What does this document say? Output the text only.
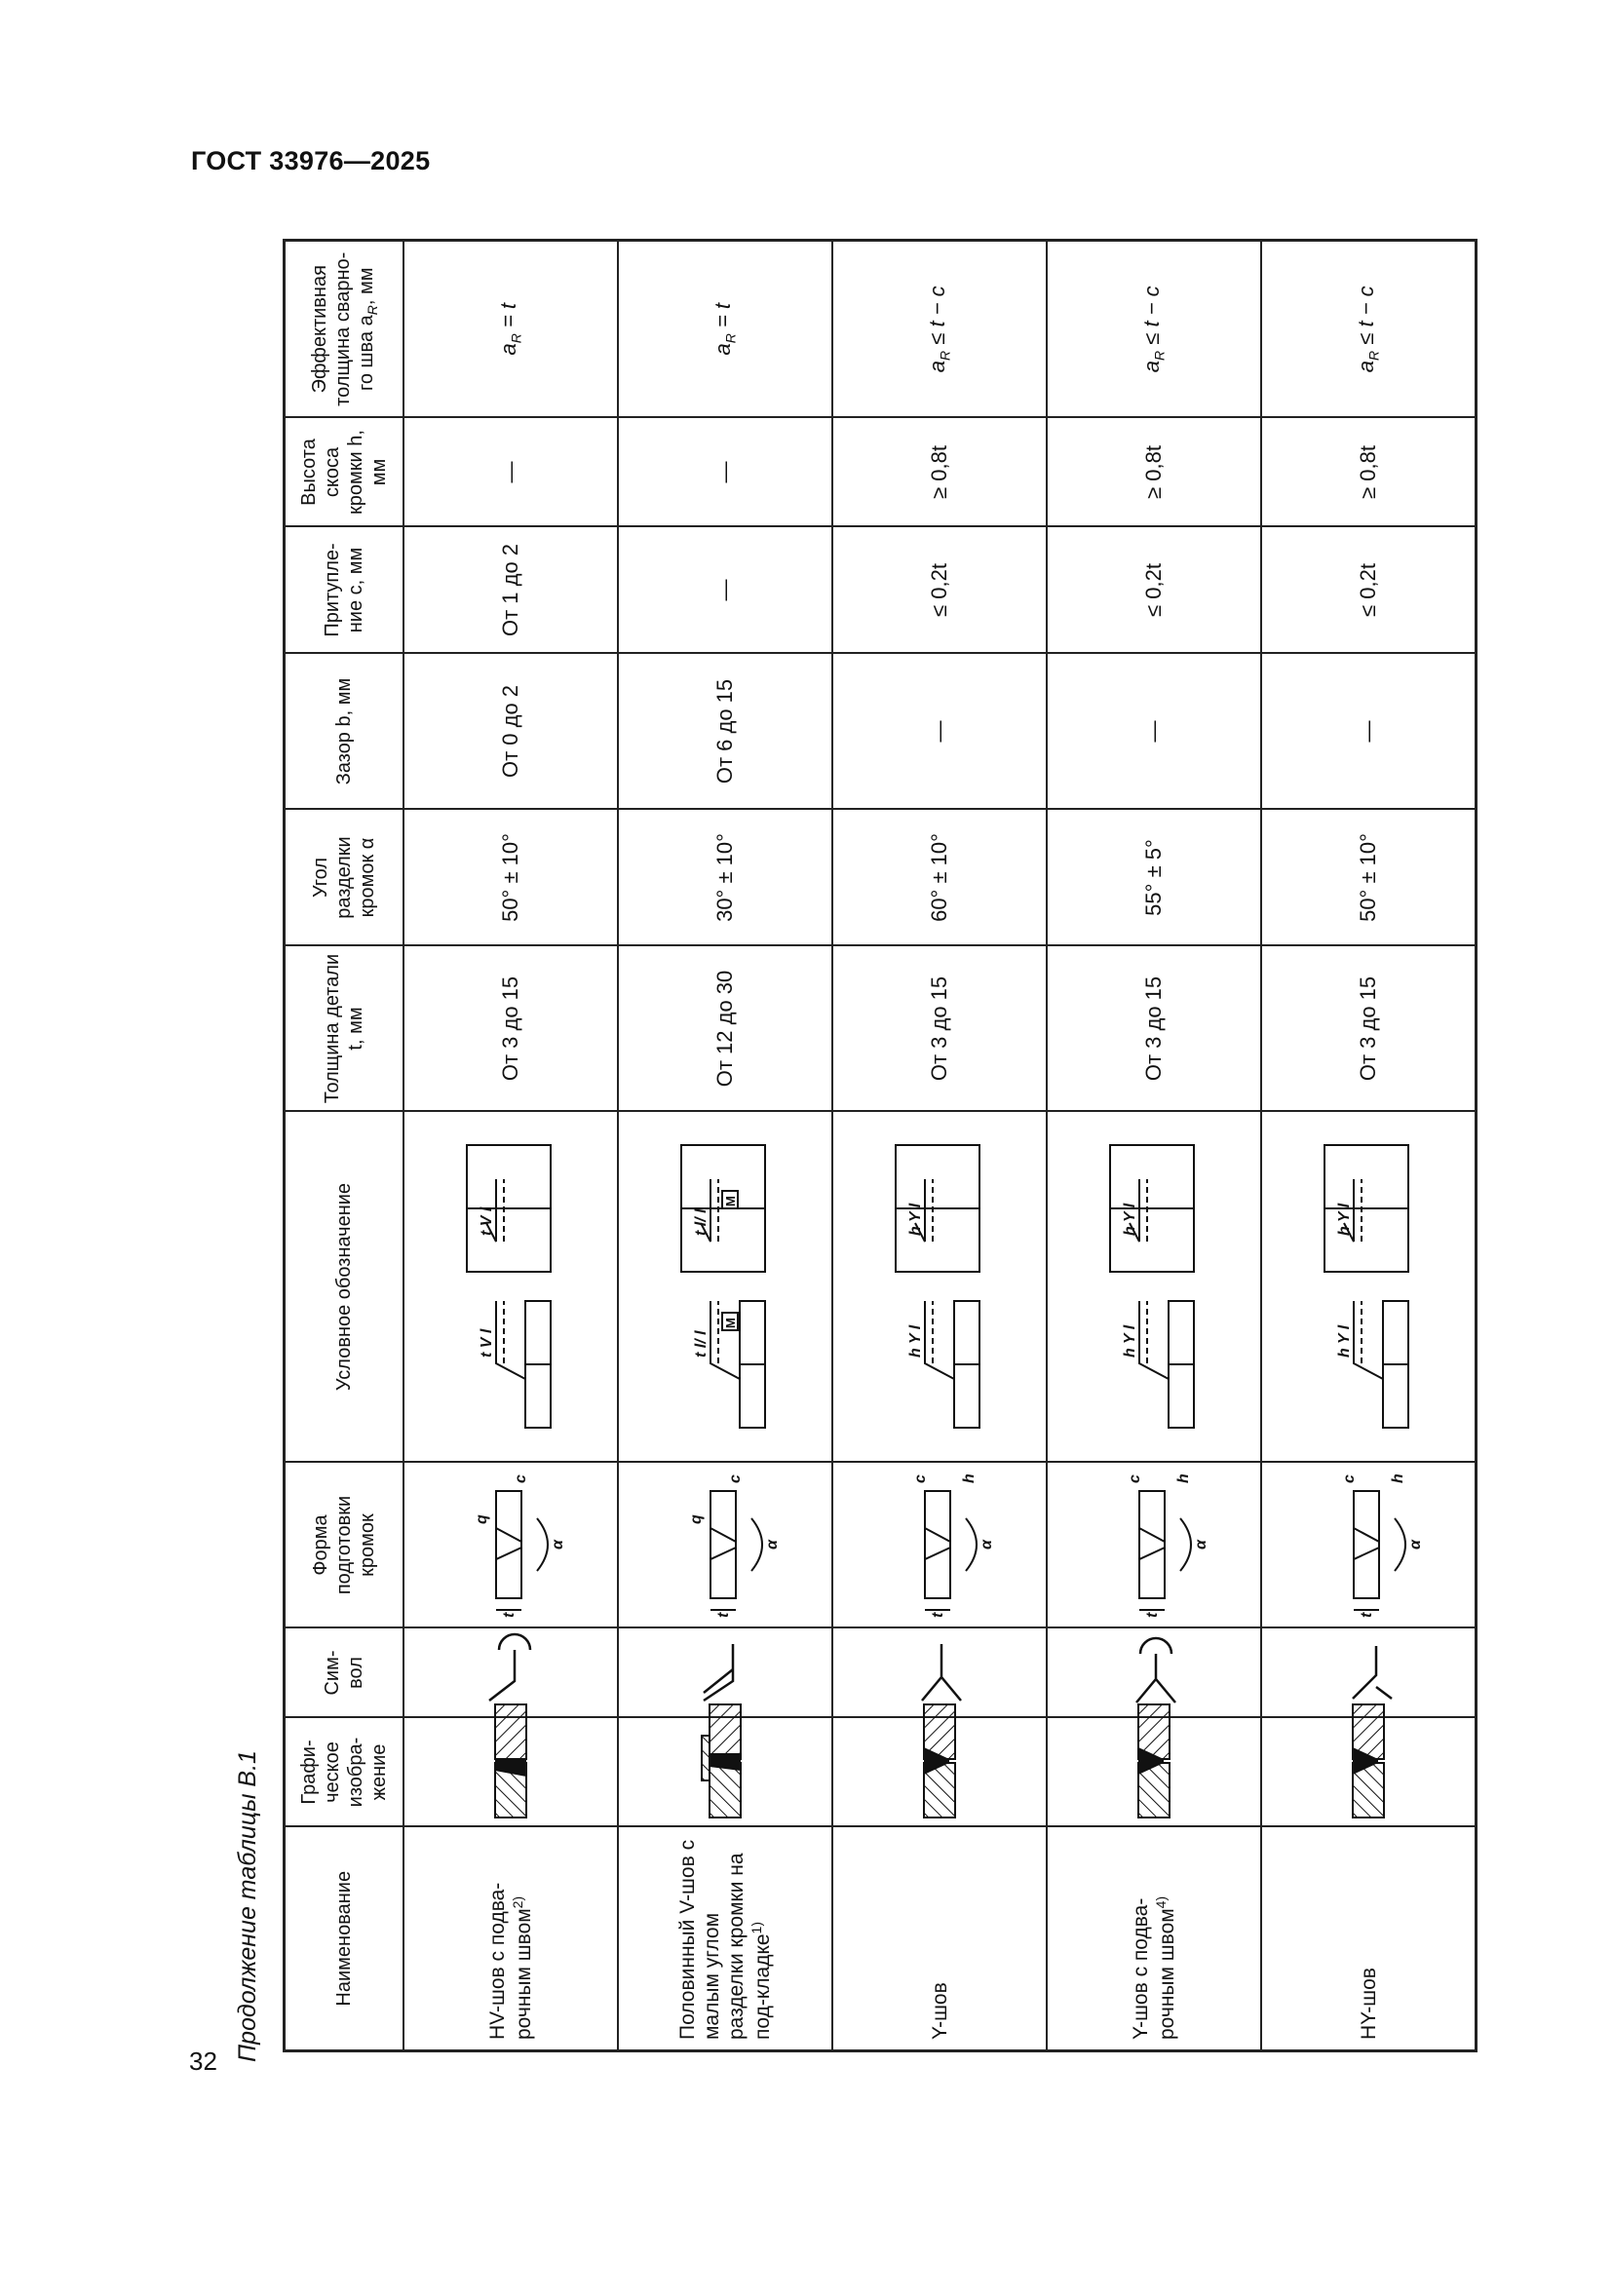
ГОСТ 33976—2025
32 Продолжение таблицы В.1	Наименование	Графи-ческое изобра-жение	Сим-вол	Форма подготовки кромок	Условное обозначение	Толщина детали t, мм	Угол разделки кромок α	Зазор b, мм	Притупле-ние c, мм	Высота скоса кромки h, мм	Эффективная толщина сварно-го шва $a_R$, мм
HV-шов с подва-рочным швом$^{2)}$			t
c
q
α	t V l
t V l	От 3 до 15	50° ± 10°	От 0 до 2	От 1 до 2	—	$a_R = t$
Половинный V-шов с малым углом разделки кромки на под-кладке$^{1)}$			t
c
q
α	t l/ l
M
t l/ l
M	От 12 до 30	30° ± 10°	От 6 до 15	—	—	$a_R = t$
Y-шов			t
c h
α	h Y l
h Y l	От 3 до 15	60° ± 10°	—	≤ 0,2t	≥ 0,8t	$a_R \le t - c$
Y-шов с подва-рочным швом$^{4)}$			t
c h
α	h Y l
h Y l	От 3 до 15	55° ± 5°	—	≤ 0,2t	≥ 0,8t	$a_R \le t - c$
HY-шов			t
c h
α	h Y l
h Y l	От 3 до 15	50° ± 10°	—	≤ 0,2t	≥ 0,8t	$a_R \le t - c$
